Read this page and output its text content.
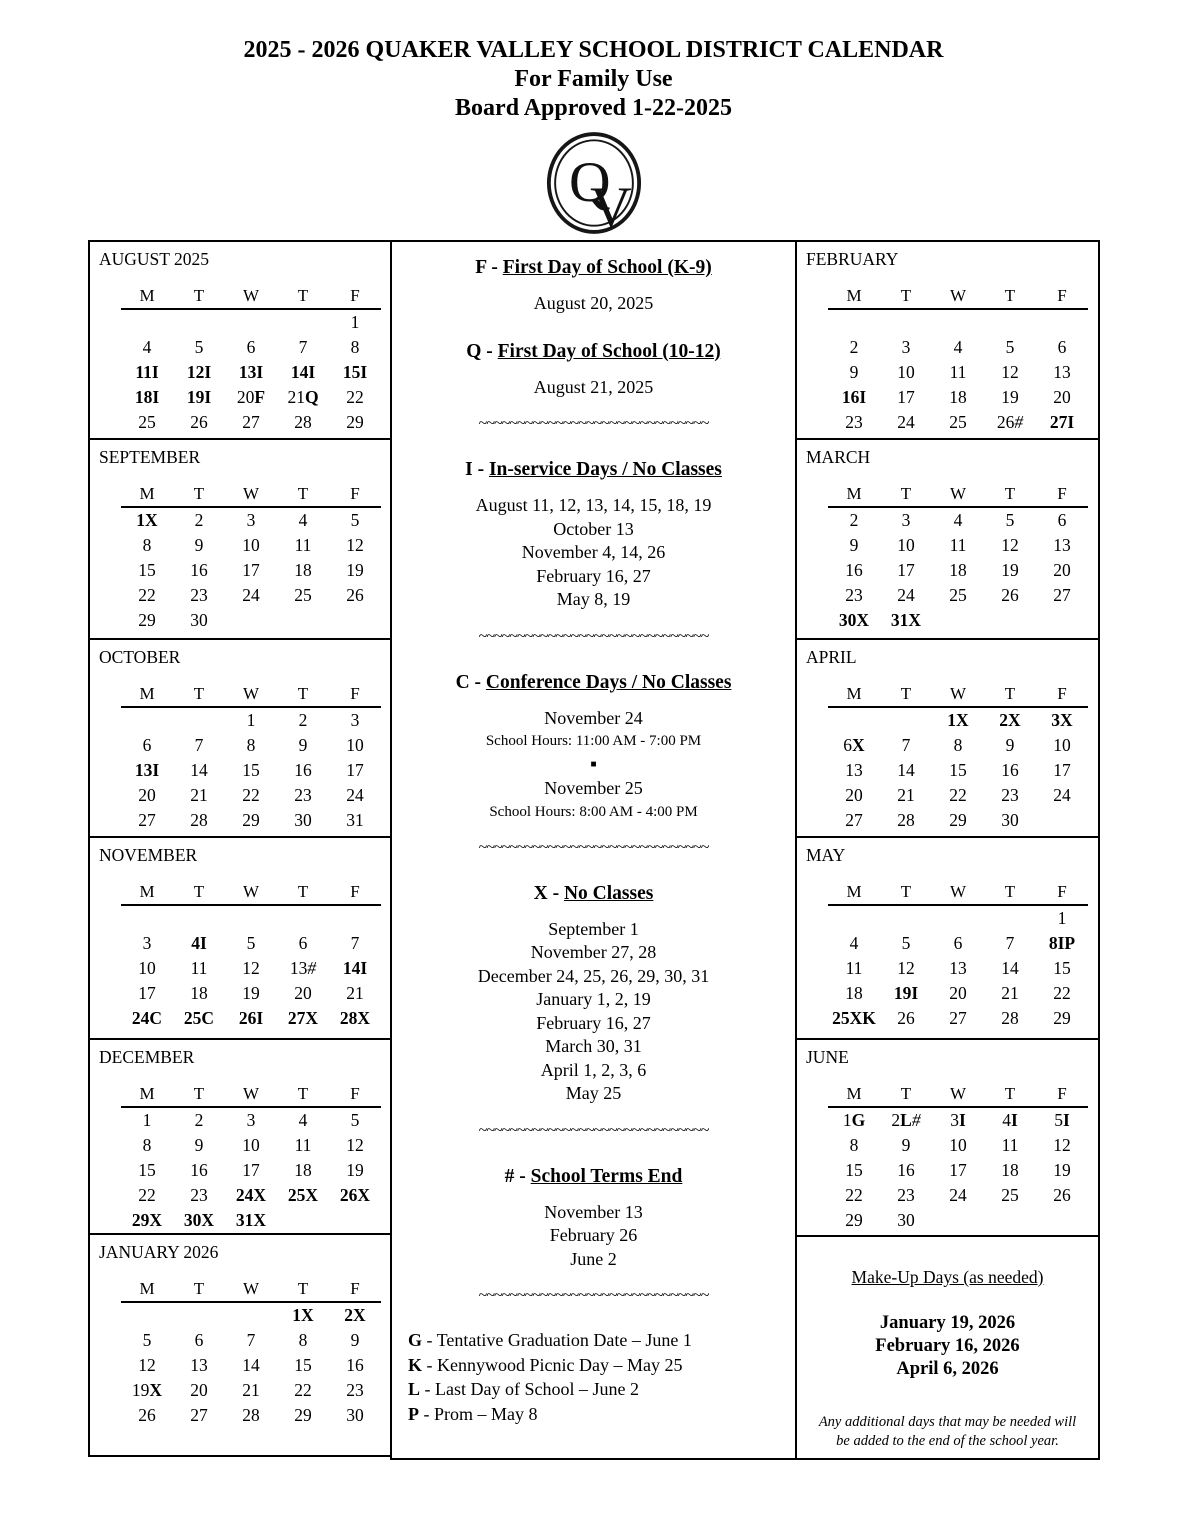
2025 - 2026 QUAKER VALLEY SCHOOL DISTRICT CALENDAR
For Family Use
Board Approved 1-22-2025
Q
V
AUGUST 2025
M	T	W	T	F
				1
4	5	6	7	8
11I	12I	13I	14I	15I
18I	19I	20F	21Q	22
25	26	27	28	29
SEPTEMBER
M	T	W	T	F
1X	2	3	4	5
8	9	10	11	12
15	16	17	18	19
22	23	24	25	26
29	30			
OCTOBER
M	T	W	T	F
		1	2	3
6	7	8	9	10
13I	14	15	16	17
20	21	22	23	24
27	28	29	30	31
NOVEMBER
M	T	W	T	F

3	4I	5	6	7
10	11	12	13#	14I
17	18	19	20	21
24C	25C	26I	27X	28X
DECEMBER
M	T	W	T	F
1	2	3	4	5
8	9	10	11	12
15	16	17	18	19
22	23	24X	25X	26X
29X	30X	31X		
JANUARY 2026
M	T	W	T	F
			1X	2X
5	6	7	8	9
12	13	14	15	16
19X	20	21	22	23
26	27	28	29	30
F - First Day of School (K-9)
August 20, 2025
Q - First Day of School (10-12)
August 21, 2025
~~~~~~~~~~~~~~~~~~~~~~~~~~~~~~
I - In-service Days / No Classes
August 11, 12, 13, 14, 15, 18, 19
October 13
November 4, 14, 26
February 16, 27
May 8, 19
~~~~~~~~~~~~~~~~~~~~~~~~~~~~~~
C - Conference Days / No Classes
November 24
School Hours: 11:00 AM - 7:00 PM
■
November 25
School Hours: 8:00 AM - 4:00 PM
~~~~~~~~~~~~~~~~~~~~~~~~~~~~~~
X - No Classes
September 1
November 27, 28
December 24, 25, 26, 29, 30, 31
January 1, 2, 19
February 16, 27
March 30, 31
April 1, 2, 3, 6
May 25
~~~~~~~~~~~~~~~~~~~~~~~~~~~~~~
# - School Terms End
November 13
February 26
June 2
~~~~~~~~~~~~~~~~~~~~~~~~~~~~~~
G - Tentative Graduation Date – June 1
K - Kennywood Picnic Day – May 25
L - Last Day of School – June 2
P - Prom – May 8
FEBRUARY
M	T	W	T	F

2	3	4	5	6
9	10	11	12	13
16I	17	18	19	20
23	24	25	26#	27I
MARCH
M	T	W	T	F
2	3	4	5	6
9	10	11	12	13
16	17	18	19	20
23	24	25	26	27
30X	31X			
APRIL
M	T	W	T	F
		1X	2X	3X
6X	7	8	9	10
13	14	15	16	17
20	21	22	23	24
27	28	29	30	
MAY
M	T	W	T	F
				1
4	5	6	7	8IP
11	12	13	14	15
18	19I	20	21	22
25XK	26	27	28	29
JUNE
M	T	W	T	F
1G	2L#	3I	4I	5I
8	9	10	11	12
15	16	17	18	19
22	23	24	25	26
29	30			
Make-Up Days (as needed)
January 19, 2026
February 16, 2026
April 6, 2026
Any additional days that may be needed will
be added to the end of the school year.
